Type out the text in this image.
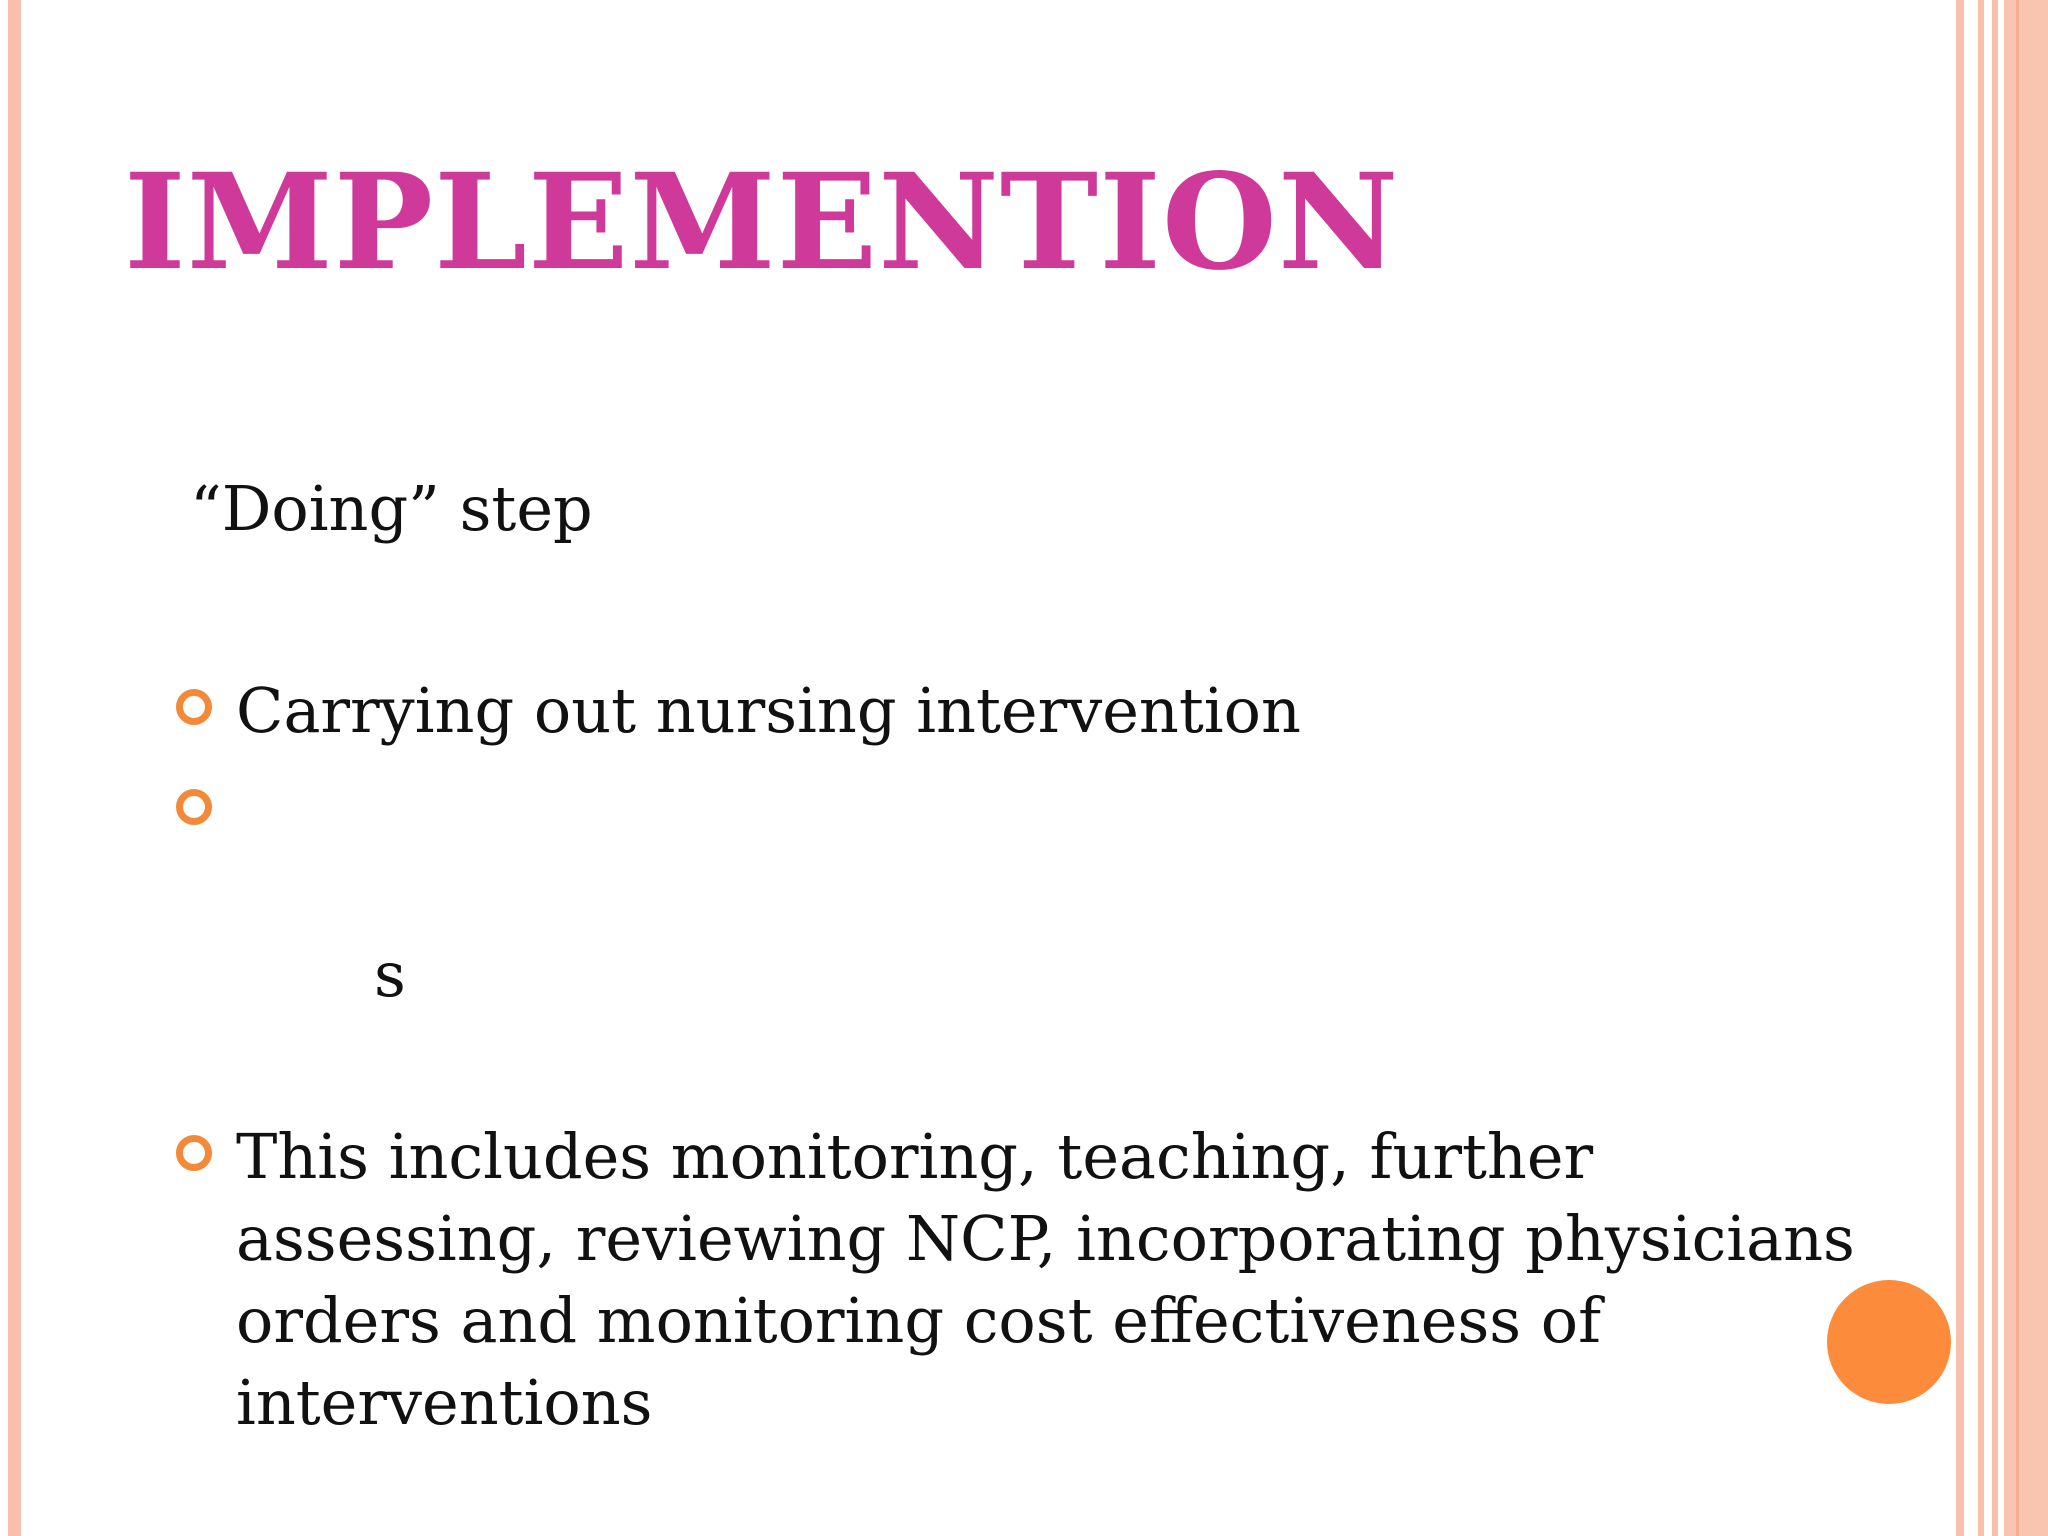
IMPLEMENTION
“Doing” step
Carrying out nursing intervention

s

This includes monitoring, teaching, further assessing, reviewing NCP, incorporating physicians orders and monitoring cost effectiveness of interventions
